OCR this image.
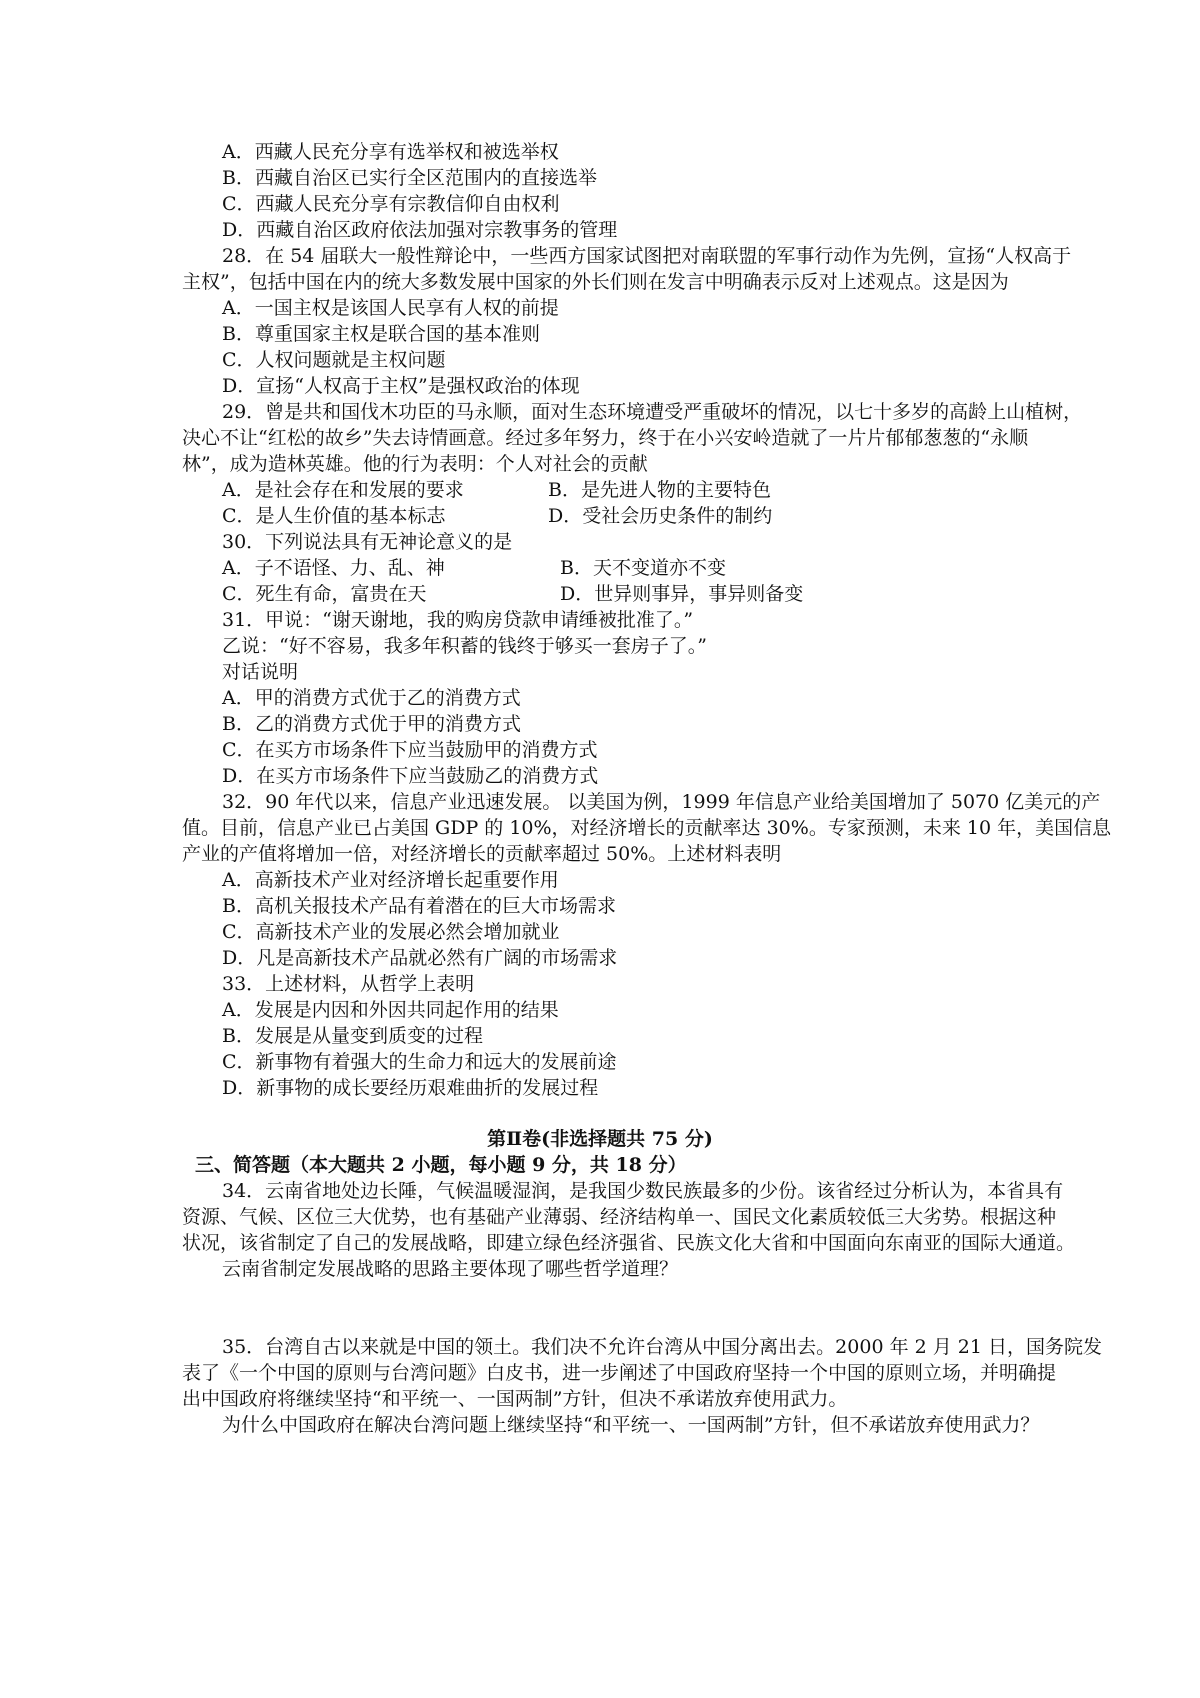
A．西藏人民充分享有选举权和被选举权
B．西藏自治区已实行全区范围内的直接选举
C．西藏人民充分享有宗教信仰自由权利
D．西藏自治区政府依法加强对宗教事务的管理
28．在 54 届联大一般性辩论中，一些西方国家试图把对南联盟的军事行动作为先例，宣扬“人权高于
主权”，包括中国在内的统大多数发展中国家的外长们则在发言中明确表示反对上述观点。这是因为
A．一国主权是该国人民享有人权的前提
B．尊重国家主权是联合国的基本准则
C．人权问题就是主权问题
D．宣扬“人权高于主权”是强权政治的体现
29．曾是共和国伐木功臣的马永顺，面对生态环境遭受严重破坏的情况，以七十多岁的高龄上山植树，
决心不让“红松的故乡”失去诗情画意。经过多年努力，终于在小兴安岭造就了一片片郁郁葱葱的“永顺
林”，成为造林英雄。他的行为表明：个人对社会的贡献
A．是社会存在和发展的要求	B．是先进人物的主要特色
C．是人生价值的基本标志	D．受社会历史条件的制约
30．下列说法具有无神论意义的是
A．子不语怪、力、乱、神	B．天不变道亦不变
C．死生有命，富贵在天	D．世异则事异，事异则备变
31．甲说：“谢天谢地，我的购房贷款申请缍被批准了。”
乙说：“好不容易，我多年积蓄的钱终于够买一套房子了。”
对话说明
A．甲的消费方式优于乙的消费方式
B．乙的消费方式优于甲的消费方式
C．在买方市场条件下应当鼓励甲的消费方式
D．在买方市场条件下应当鼓励乙的消费方式
32．90 年代以来，信息产业迅速发展。 以美国为例，1999 年信息产业给美国增加了 5070 亿美元的产
值。目前，信息产业已占美国 GDP 的 10%，对经济增长的贡献率达 30%。专家预测，未来 10 年，美国信息
产业的产值将增加一倍，对经济增长的贡献率超过 50%。上述材料表明
A．高新技术产业对经济增长起重要作用
B．高机关报技术产品有着潜在的巨大市场需求
C．高新技术产业的发展必然会增加就业
D．凡是高新技术产品就必然有广阔的市场需求
33．上述材料，从哲学上表明
A．发展是内因和外因共同起作用的结果
B．发展是从量变到质变的过程
C．新事物有着强大的生命力和远大的发展前途
D．新事物的成长要经历艰难曲折的发展过程
第Ⅱ卷(非选择题共 75 分)
三、简答题（本大题共 2 小题，每小题 9 分，共 18 分）
34．云南省地处边长陲，气候温暖湿润，是我国少数民族最多的少份。该省经过分析认为，本省具有
资源、气候、区位三大优势，也有基础产业薄弱、经济结构单一、国民文化素质较低三大劣势。根据这种
状况，该省制定了自己的发展战略，即建立绿色经济强省、民族文化大省和中国面向东南亚的国际大通道。
云南省制定发展战略的思路主要体现了哪些哲学道理？
35．台湾自古以来就是中国的领土。我们决不允许台湾从中国分离出去。2000 年 2 月 21 日，国务院发
表了《一个中国的原则与台湾问题》白皮书，进一步阐述了中国政府坚持一个中国的原则立场，并明确提
出中国政府将继续坚持“和平统一、一国两制”方针，但决不承诺放弃使用武力。
为什么中国政府在解决台湾问题上继续坚持“和平统一、一国两制”方针，但不承诺放弃使用武力？
